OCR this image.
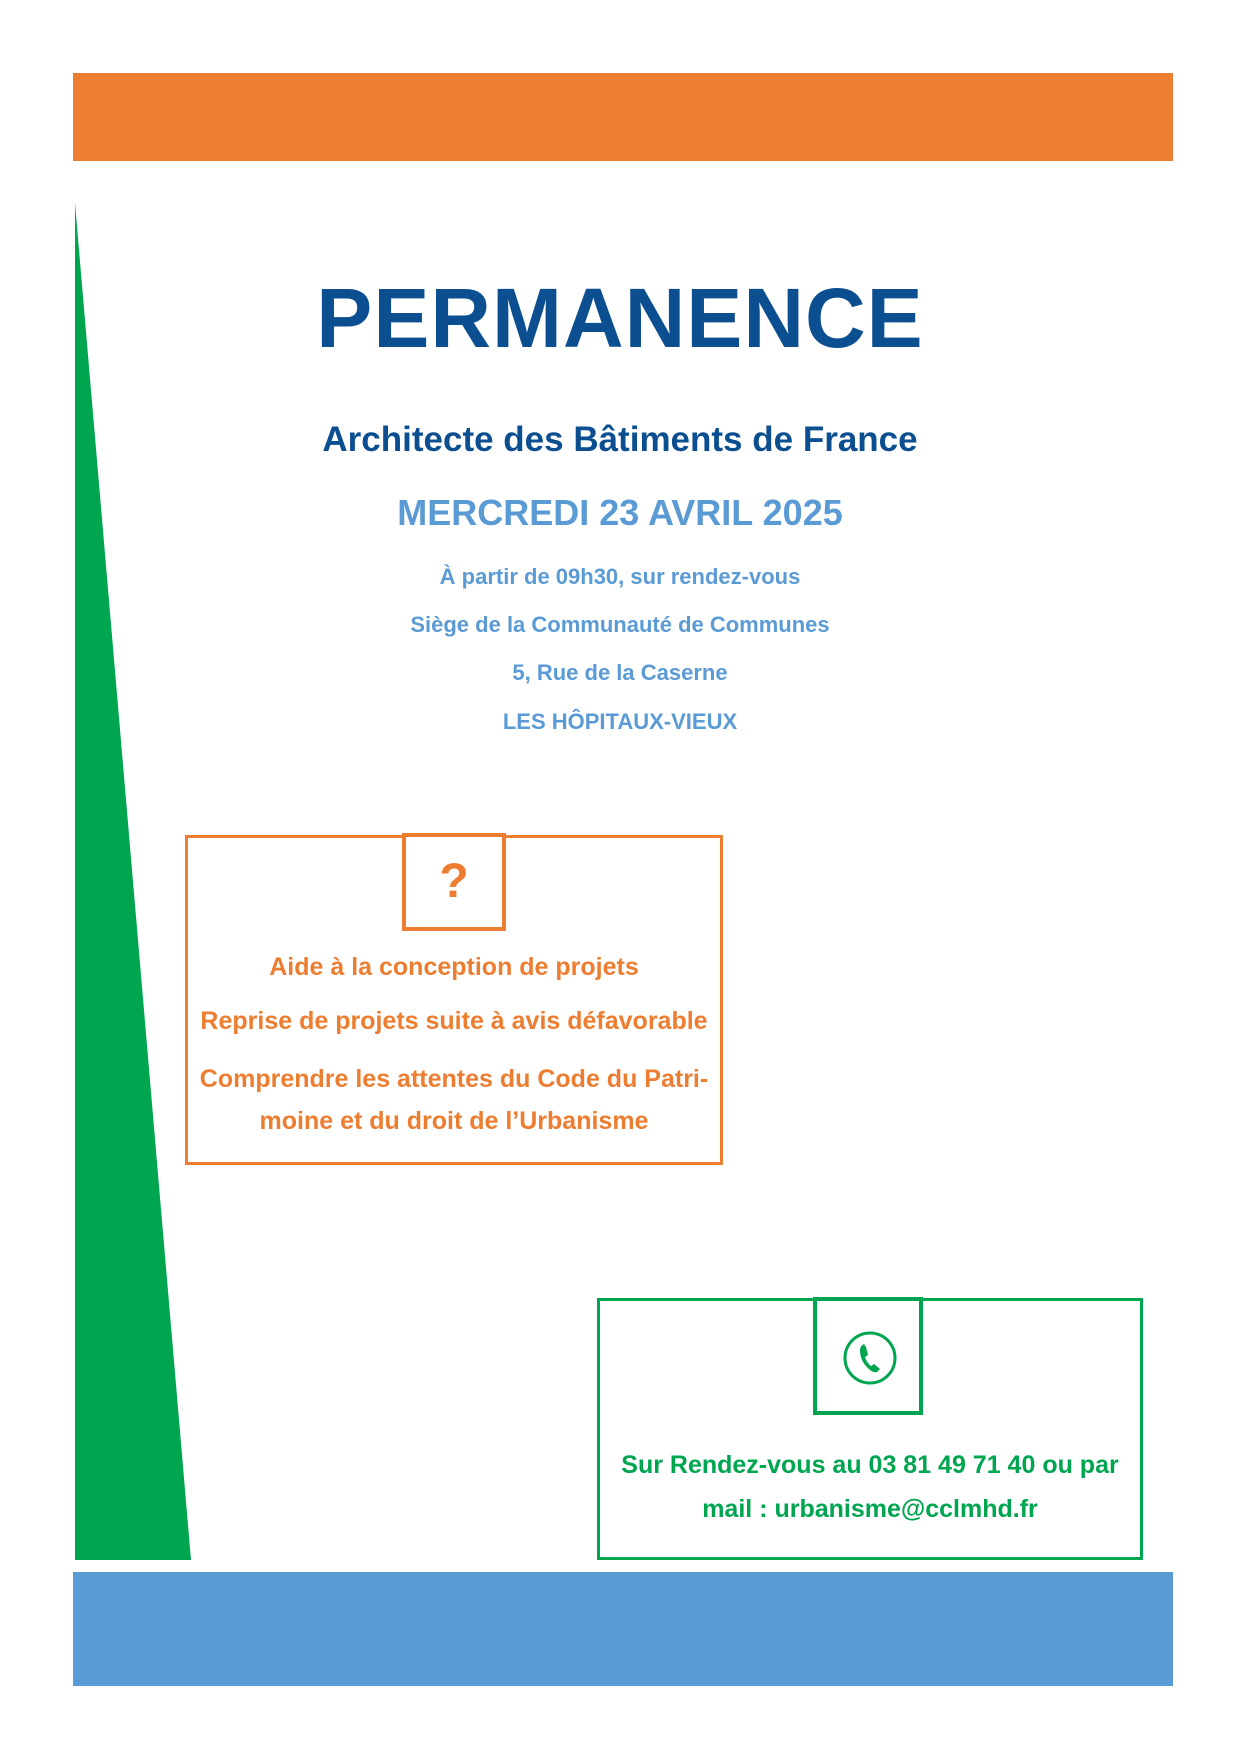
PERMANENCE
Architecte des Bâtiments de France
MERCREDI 23 AVRIL 2025
À partir de 09h30, sur rendez-vous
Siège de la Communauté de Communes
5, Rue de la Caserne
LES HÔPITAUX-VIEUX
?
Aide à la conception de projets
Reprise de projets suite à avis défavorable
Comprendre les attentes du Code du Patri-
moine et du droit de l’Urbanisme
Sur Rendez-vous au 03 81 49 71 40 ou par
mail : urbanisme@cclmhd.fr
